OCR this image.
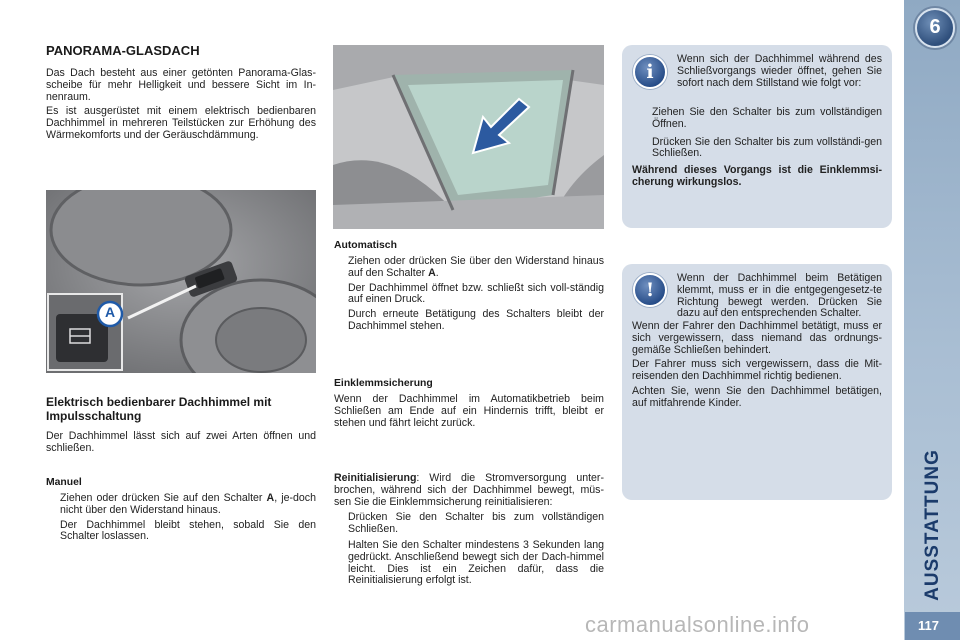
6
AUSSTATTUNG
117
PANORAMA-GLASDACH

Das Dach besteht aus einer getönten Panorama-Glas-scheibe für mehr Helligkeit und bessere Sicht im In-nenraum.

Es ist ausgerüstet mit einem elektrisch bedienbaren Dachhimmel in mehreren Teilstücken zur Erhöhung des Wärmekomforts und der Geräuschdämmung.

A
Elektrisch bedienbarer Dachhimmel mit Impulsschaltung

Der Dachhimmel lässt sich auf zwei Arten öffnen und schließen.

Manuel
Ziehen oder drücken Sie auf den Schalter A, je-doch nicht über den Widerstand hinaus.

Der Dachhimmel bleibt stehen, sobald Sie den Schalter loslassen.

Automatisch
Ziehen oder drücken Sie über den Widerstand hinaus auf den Schalter A.

Der Dachhimmel öffnet bzw. schließt sich voll-ständig auf einen Druck.

Durch erneute Betätigung des Schalters bleibt der Dachhimmel stehen.

Einklemmsicherung

Wenn der Dachhimmel im Automatikbetrieb beim Schließen am Ende auf ein Hindernis trifft, bleibt er stehen und fährt leicht zurück.

Reinitialisierung: Wird die Stromversorgung unter-brochen, während sich der Dachhimmel bewegt, müs-sen Sie die Einklemmsicherung reinitialisieren:

Drücken Sie den Schalter bis zum vollständigen Schließen.
Halten Sie den Schalter mindestens 3 Sekunden lang gedrückt. Anschließend bewegt sich der Dach-himmel leicht. Dies ist ein Zeichen dafür, dass die Reinitialisierung erfolgt ist.
i

Wenn sich der Dachhimmel während des Schließvorgangs wieder öffnet, gehen Sie sofort nach dem Stillstand wie folgt vor:

Ziehen Sie den Schalter bis zum vollständigen Öffnen.
Drücken Sie den Schalter bis zum vollständi-gen Schließen.

Während dieses Vorgangs ist die Einklemmsi-cherung wirkungslos.

!

Wenn der Dachhimmel beim Betätigen klemmt, muss er in die entgegengesetz-te Richtung bewegt werden. Drücken Sie dazu auf den entsprechenden Schalter.

Wenn der Fahrer den Dachhimmel betätigt, muss er sich vergewissern, dass niemand das ordnungs-gemäße Schließen behindert.

Der Fahrer muss sich vergewissern, dass die Mit-reisenden den Dachhimmel richtig bedienen.

Achten Sie, wenn Sie den Dachhimmel betätigen, auf mitfahrende Kinder.

carmanualsonline.info
